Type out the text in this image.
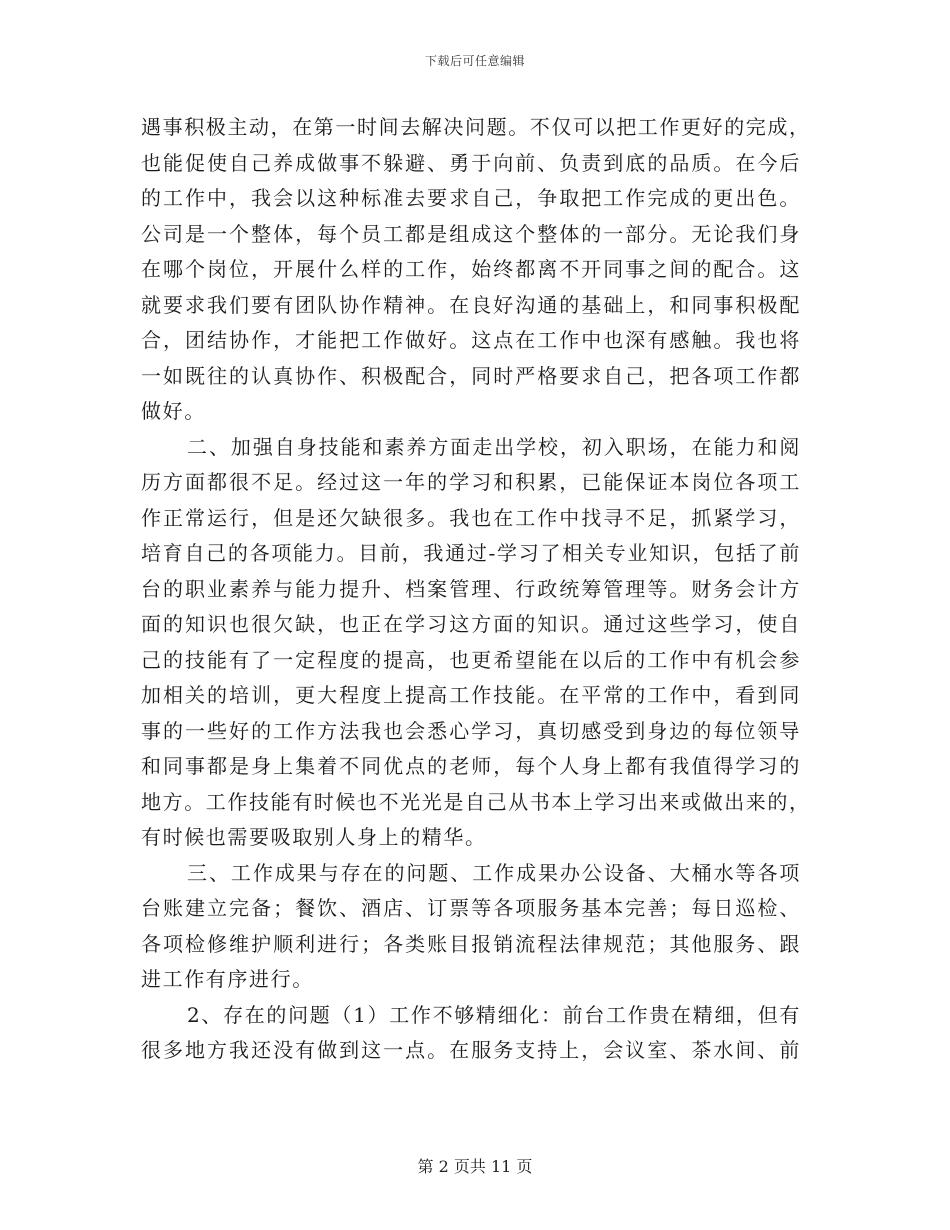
下载后可任意编辑
遇事积极主动，在第一时间去解决问题。不仅可以把工作更好的完成，
也能促使自己养成做事不躲避、勇于向前、负责到底的品质。在今后
的工作中，我会以这种标准去要求自己，争取把工作完成的更出色。
公司是一个整体，每个员工都是组成这个整体的一部分。无论我们身
在哪个岗位，开展什么样的工作，始终都离不开同事之间的配合。这
就要求我们要有团队协作精神。在良好沟通的基础上，和同事积极配
合，团结协作，才能把工作做好。这点在工作中也深有感触。我也将
一如既往的认真协作、积极配合，同时严格要求自己，把各项工作都
做好。
二、加强自身技能和素养方面走出学校，初入职场，在能力和阅
历方面都很不足。经过这一年的学习和积累，已能保证本岗位各项工
作正常运行，但是还欠缺很多。我也在工作中找寻不足，抓紧学习，
培育自己的各项能力。目前，我通过-学习了相关专业知识，包括了前
台的职业素养与能力提升、档案管理、行政统筹管理等。财务会计方
面的知识也很欠缺，也正在学习这方面的知识。通过这些学习，使自
己的技能有了一定程度的提高，也更希望能在以后的工作中有机会参
加相关的培训，更大程度上提高工作技能。在平常的工作中，看到同
事的一些好的工作方法我也会悉心学习，真切感受到身边的每位领导
和同事都是身上集着不同优点的老师，每个人身上都有我值得学习的
地方。工作技能有时候也不光光是自己从书本上学习出来或做出来的，
有时候也需要吸取别人身上的精华。
三、工作成果与存在的问题、工作成果办公设备、大桶水等各项
台账建立完备；餐饮、酒店、订票等各项服务基本完善；每日巡检、
各项检修维护顺利进行；各类账目报销流程法律规范；其他服务、跟
进工作有序进行。
2、存在的问题（1）工作不够精细化：前台工作贵在精细，但有
很多地方我还没有做到这一点。在服务支持上，会议室、茶水间、前
第 2 页共 11 页
